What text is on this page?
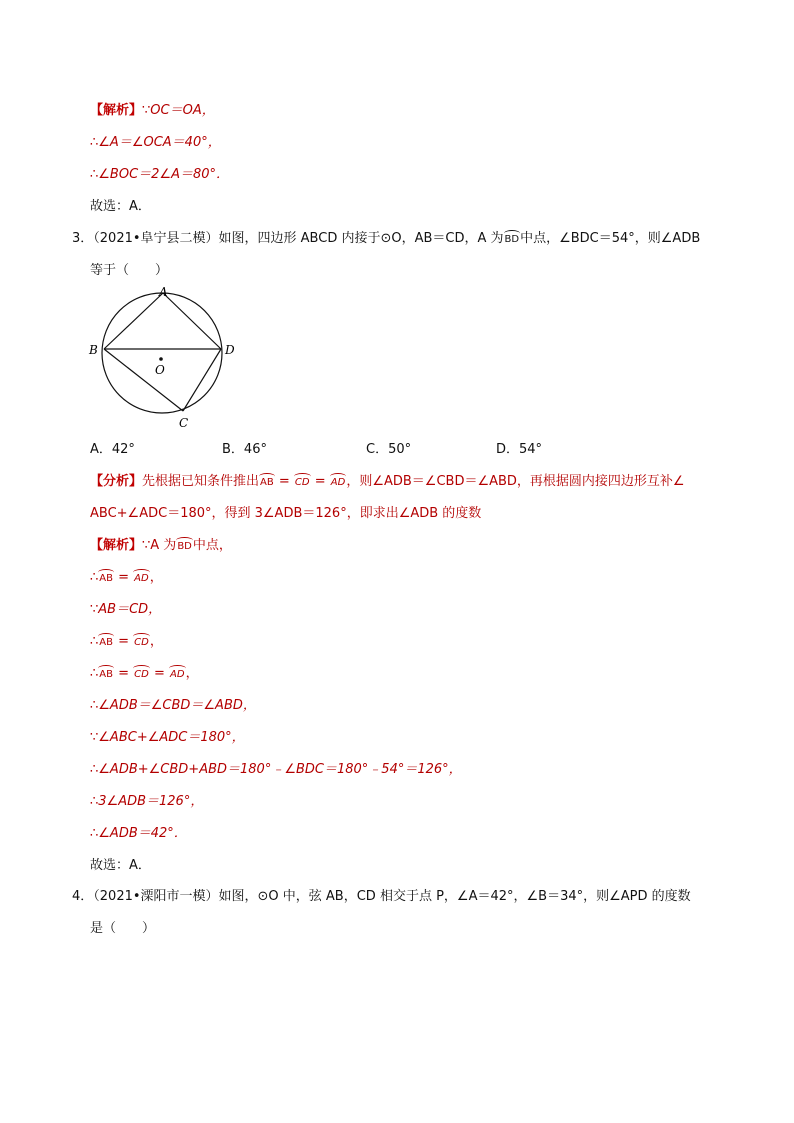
【解析】∵OC＝OA，
∴∠A＝∠OCA＝40°，
∴∠BOC＝2∠A＝80°．
故选：A．
3．（2021•阜宁县二模）如图，四边形 ABCD 内接于⊙O，AB＝CD，A 为BD中点，∠BDC＝54°，则∠ADB
等于（　　）
A
B	D
C
O
A．42°	B．46°	C．50°	D．54°
【分析】先根据已知条件推出AB = CD = AD，则∠ADB＝∠CBD＝∠ABD，再根据圆内接四边形互补∠
ABC+∠ADC＝180°，得到 3∠ADB＝126°，即求出∠ADB 的度数
【解析】∵A 为BD中点，
∴AB = AD，
∵AB＝CD，
∴AB = CD，
∴AB = CD = AD，
∴∠ADB＝∠CBD＝∠ABD，
∵∠ABC+∠ADC＝180°，
∴∠ADB+∠CBD+ABD＝180°﹣∠BDC＝180°﹣54°＝126°，
∴3∠ADB＝126°，
∴∠ADB＝42°．
故选：A．
4．（2021•溧阳市一模）如图，⊙O 中，弦 AB，CD 相交于点 P，∠A＝42°，∠B＝34°，则∠APD 的度数
是（　　）
